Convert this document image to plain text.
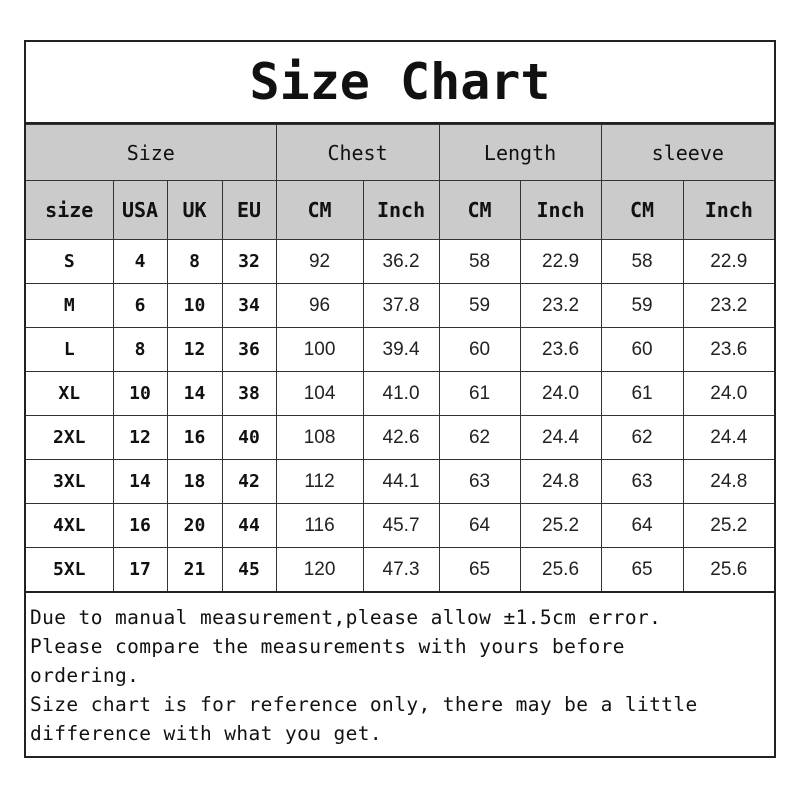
Size Chart
Size				Chest		Length		sleeve	
size	USA	UK	EU	CM	Inch	CM	Inch	CM	Inch
S	4	8	32	92	36.2	58	22.9	58	22.9
M	6	10	34	96	37.8	59	23.2	59	23.2
L	8	12	36	100	39.4	60	23.6	60	23.6
XL	10	14	38	104	41.0	61	24.0	61	24.0
2XL	12	16	40	108	42.6	62	24.4	62	24.4
3XL	14	18	42	112	44.1	63	24.8	63	24.8
4XL	16	20	44	116	45.7	64	25.2	64	25.2
5XL	17	21	45	120	47.3	65	25.6	65	25.6
Due to manual measurement,please allow ±1.5cm error.
Please compare the measurements with yours before
ordering.
Size chart is for reference only, there may be a little
difference with what you get.
